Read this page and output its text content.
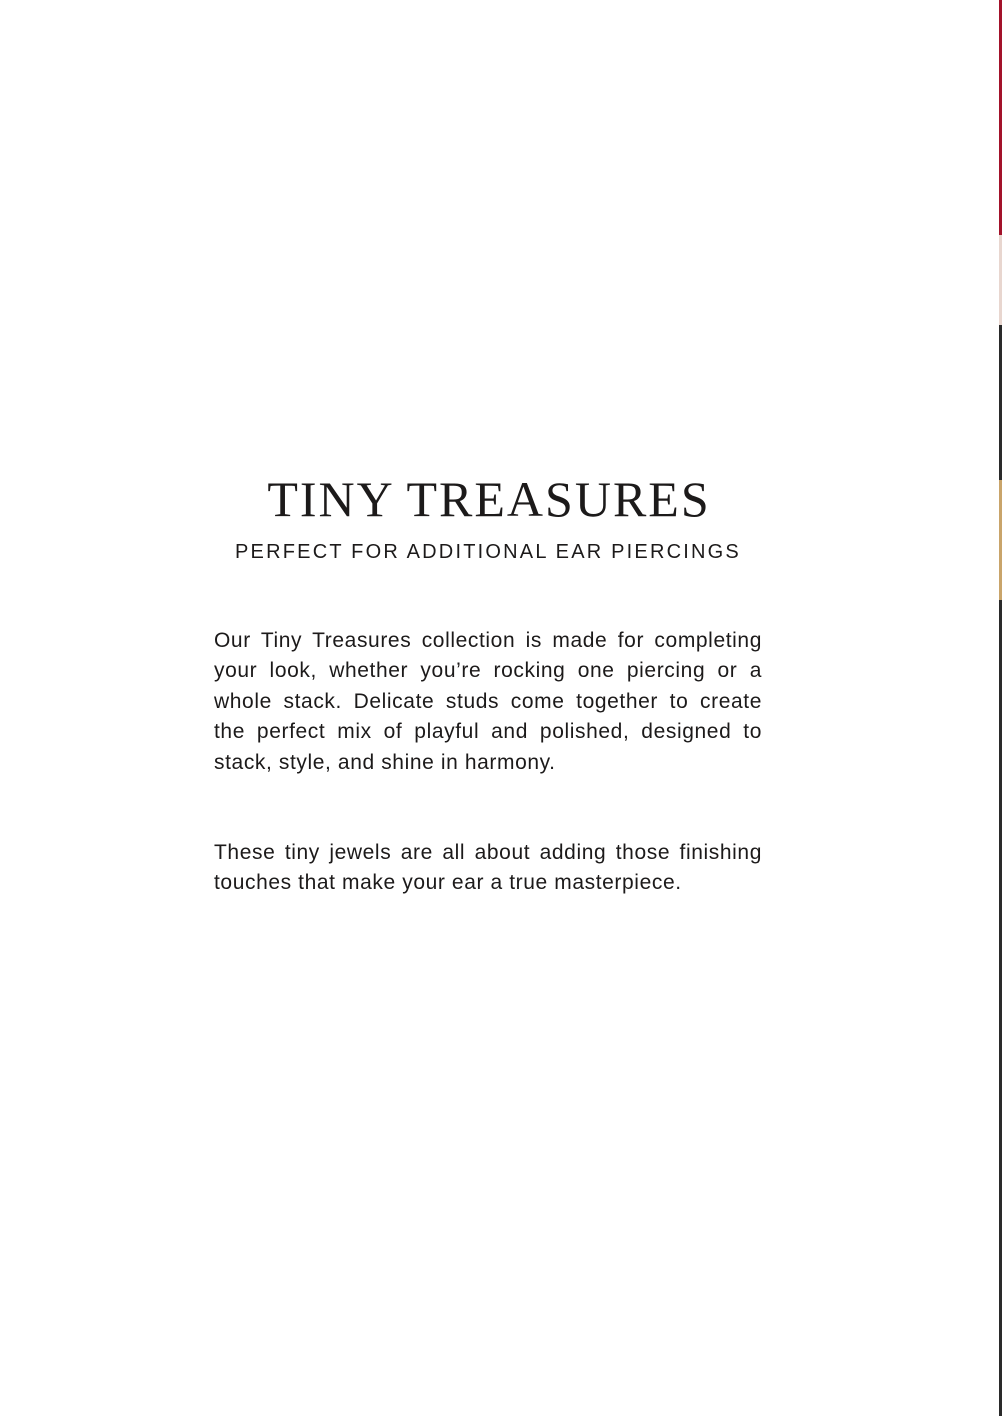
TINY TREASURES

PERFECT FOR ADDITIONAL EAR PIERCINGS

Our Tiny Treasures collection is made for completing your look, whether you’re rocking one piercing or a whole stack. Delicate studs come together to create the perfect mix of playful and polished, designed to stack, style, and shine in harmony.

These tiny jewels are all about adding those finishing touches that make your ear a true masterpiece.
